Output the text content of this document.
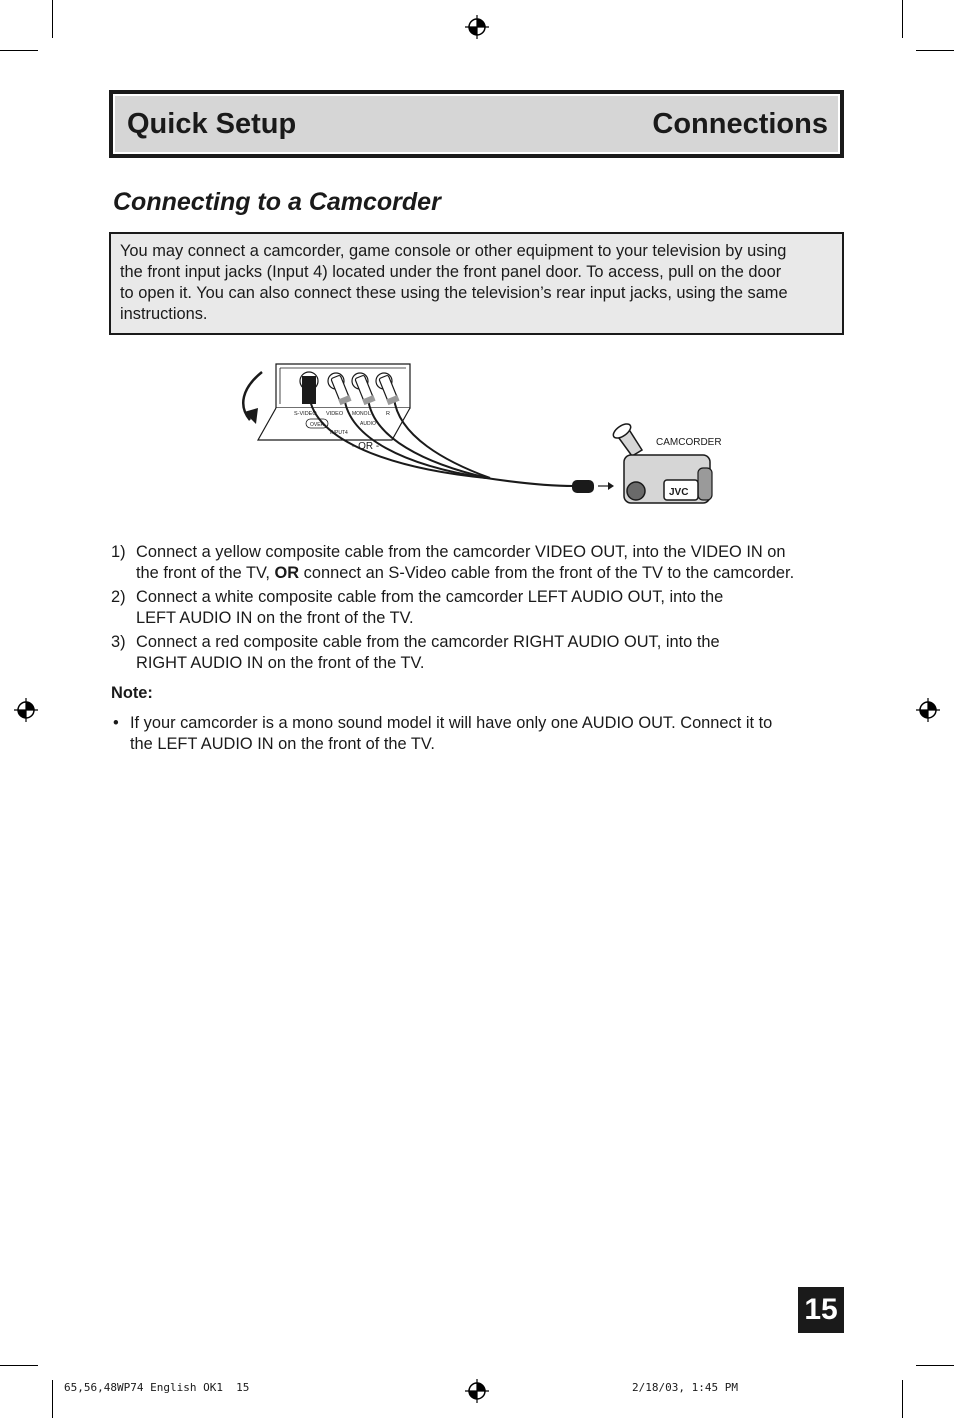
Quick Setup	Connections
Connecting to a Camcorder
You may connect a camcorder, game console or other equipment to your television by using
the front input jacks (Input 4) located under the front panel door. To access, pull on the door
to open it. You can also connect these using the television’s rear input jacks, using the same
instructions.
S-VIDEO VIDEO MONO L	R
AUDIO
OVER
INPUT4
- OR -
JVC
CAMCORDER
1) Connect a yellow composite cable from the camcorder VIDEO OUT, into the VIDEO IN on
the front of the TV, OR connect an S-Video cable from the front of the TV to the camcorder.
2) Connect a white composite cable from the camcorder LEFT AUDIO OUT, into the
LEFT AUDIO IN on the front of the TV.
3) Connect a red composite cable from the camcorder RIGHT AUDIO OUT, into the
RIGHT AUDIO IN on the front of the TV.
Note:
• If your camcorder is a mono sound model it will have only one AUDIO OUT. Connect it to
the LEFT AUDIO IN on the front of the TV.
15
65,56,48WP74 English OK1  15	2/18/03, 1:45 PM
